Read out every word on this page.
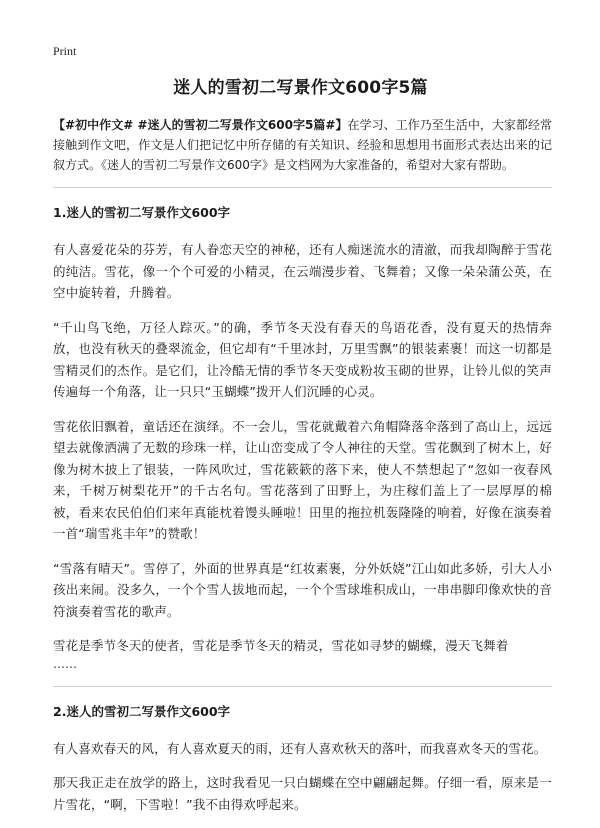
Print
迷人的雪初二写景作文600字5篇

【#初中作文# #迷人的雪初二写景作文600字5篇#】在学习、工作乃至生活中，大家都经常接触到作文吧，作文是人们把记忆中所存储的有关知识、经验和思想用书面形式表达出来的记叙方式。《迷人的雪初二写景作文600字》是文档网为大家准备的，希望对大家有帮助。

1.迷人的雪初二写景作文600字

有人喜爱花朵的芬芳，有人眷恋天空的神秘，还有人痴迷流水的清澈，而我却陶醉于雪花的纯洁。雪花，像一个个可爱的小精灵，在云端漫步着、飞舞着；又像一朵朵蒲公英，在空中旋转着，升腾着。

“千山鸟飞绝，万径人踪灭。”的确，季节冬天没有春天的鸟语花香，没有夏天的热情奔放，也没有秋天的叠翠流金，但它却有“千里冰封，万里雪飘”的银装素裹！而这一切都是雪精灵们的杰作。是它们，让冷酷无情的季节冬天变成粉妆玉砌的世界，让铃儿似的笑声传遍每一个角落，让一只只“玉蝴蝶”拨开人们沉睡的心灵。

雪花依旧飘着，童话还在演绎。不一会儿，雪花就戴着六角帽降落伞落到了高山上，远远望去就像洒满了无数的珍珠一样，让山峦变成了令人神往的天堂。雪花飘到了树木上，好像为树木披上了银装，一阵风吹过，雪花簌簌的落下来，使人不禁想起了“忽如一夜春风来，千树万树梨花开”的千古名句。雪花落到了田野上，为庄稼们盖上了一层厚厚的棉被，看来农民伯伯们来年真能枕着馒头睡啦！田里的拖拉机轰隆隆的响着，好像在演奏着一首“瑞雪兆丰年”的赞歌！

“雪落有晴天”。雪停了，外面的世界真是“红妆素裹，分外妖娆”江山如此多娇，引大人小孩出来闹。没多久，一个个雪人拔地而起，一个个雪球堆积成山，一串串脚印像欢快的音符演奏着雪花的歌声。

雪花是季节冬天的使者，雪花是季节冬天的精灵，雪花如寻梦的蝴蝶，漫天飞舞着

……
2.迷人的雪初二写景作文600字

有人喜欢春天的风，有人喜欢夏天的雨，还有人喜欢秋天的落叶，而我喜欢冬天的雪花。

那天我正走在放学的路上，这时我看见一只白蝴蝶在空中翩翩起舞。仔细一看，原来是一片雪花，“啊，下雪啦！”我不由得欢呼起来。
